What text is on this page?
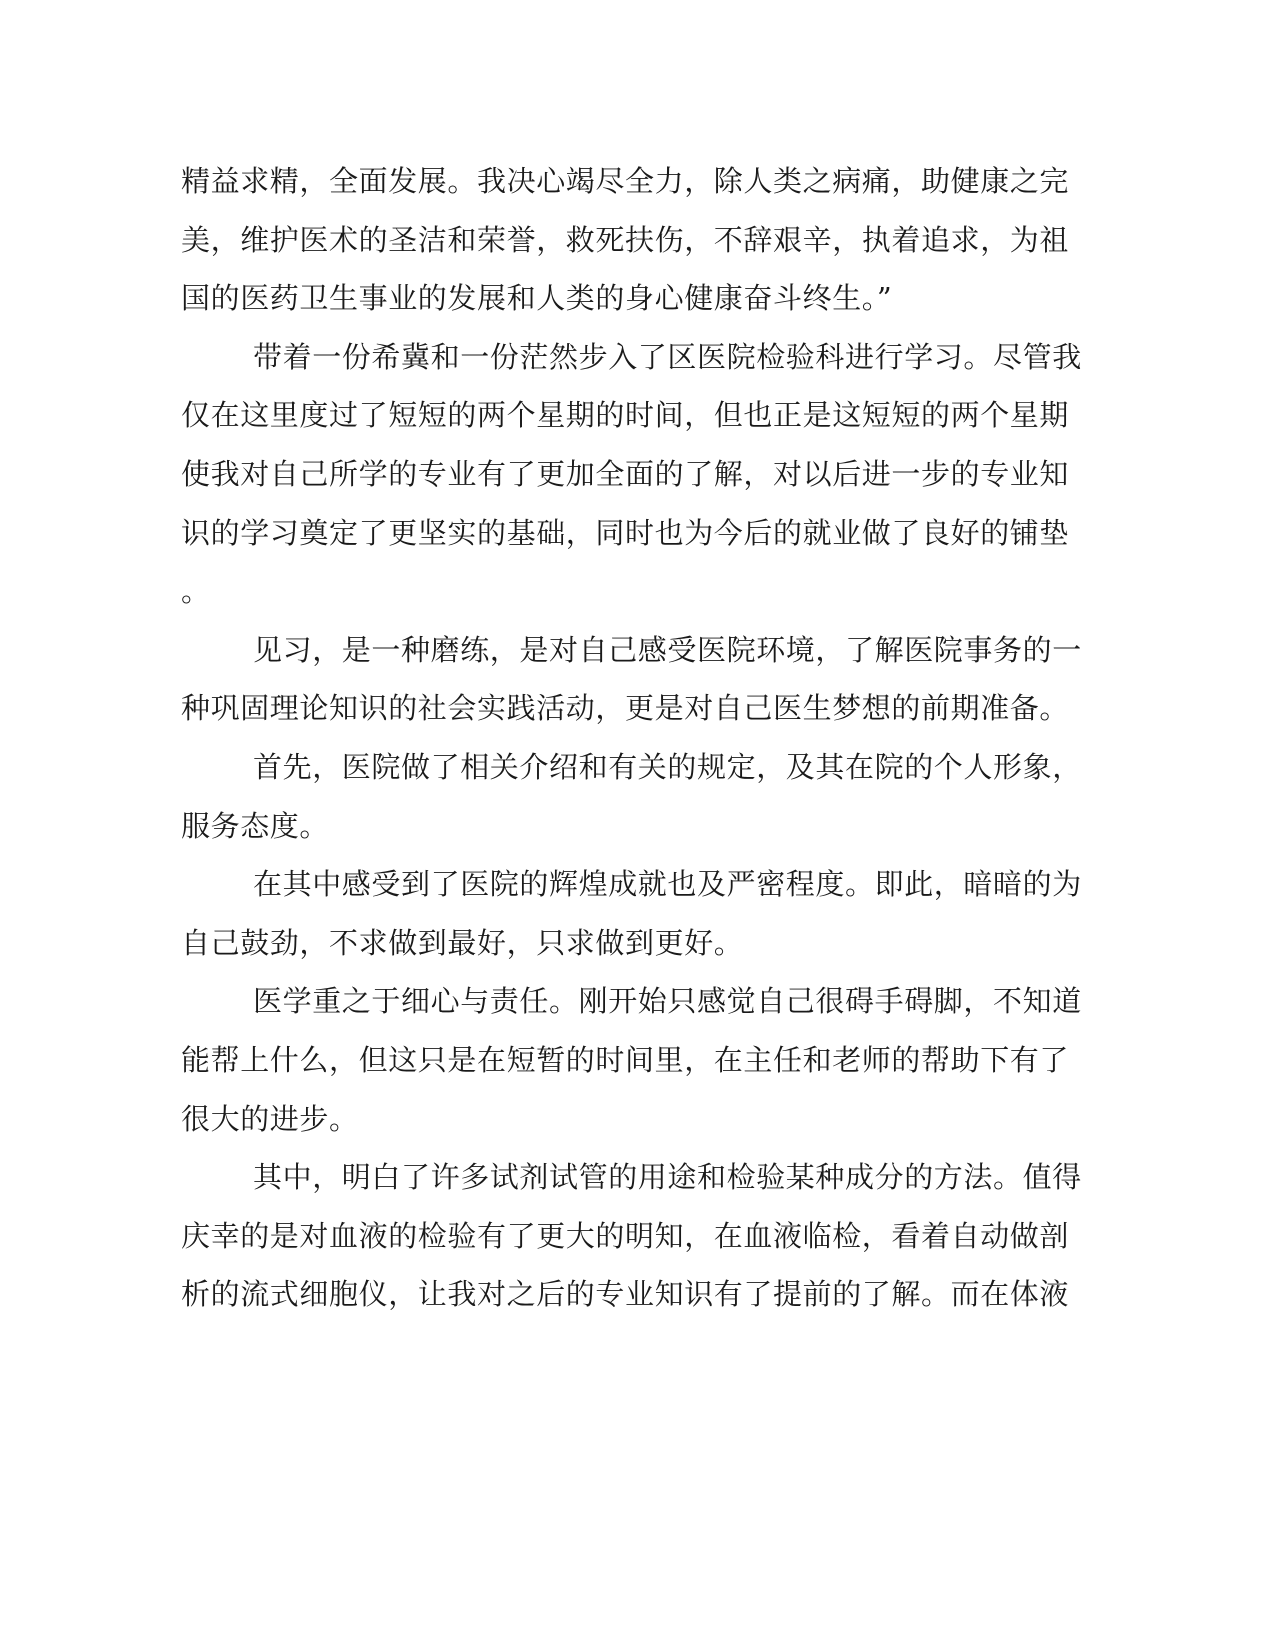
精益求精，全面发展。我决心竭尽全力，除人类之病痛，助健康之完
美，维护医术的圣洁和荣誉，救死扶伤，不辞艰辛，执着追求，为祖
国的医药卫生事业的发展和人类的身心健康奋斗终生。”
带着一份希冀和一份茫然步入了区医院检验科进行学习。尽管我
仅在这里度过了短短的两个星期的时间，但也正是这短短的两个星期
使我对自己所学的专业有了更加全面的了解，对以后进一步的专业知
识的学习奠定了更坚实的基础，同时也为今后的就业做了良好的铺垫
。
见习，是一种磨练，是对自己感受医院环境，了解医院事务的一
种巩固理论知识的社会实践活动，更是对自己医生梦想的前期准备。
首先，医院做了相关介绍和有关的规定，及其在院的个人形象，
服务态度。
在其中感受到了医院的辉煌成就也及严密程度。即此，暗暗的为
自己鼓劲，不求做到最好，只求做到更好。
医学重之于细心与责任。刚开始只感觉自己很碍手碍脚，不知道
能帮上什么，但这只是在短暂的时间里，在主任和老师的帮助下有了
很大的进步。
其中，明白了许多试剂试管的用途和检验某种成分的方法。值得
庆幸的是对血液的检验有了更大的明知，在血液临检，看着自动做剖
析的流式细胞仪，让我对之后的专业知识有了提前的了解。而在体液
